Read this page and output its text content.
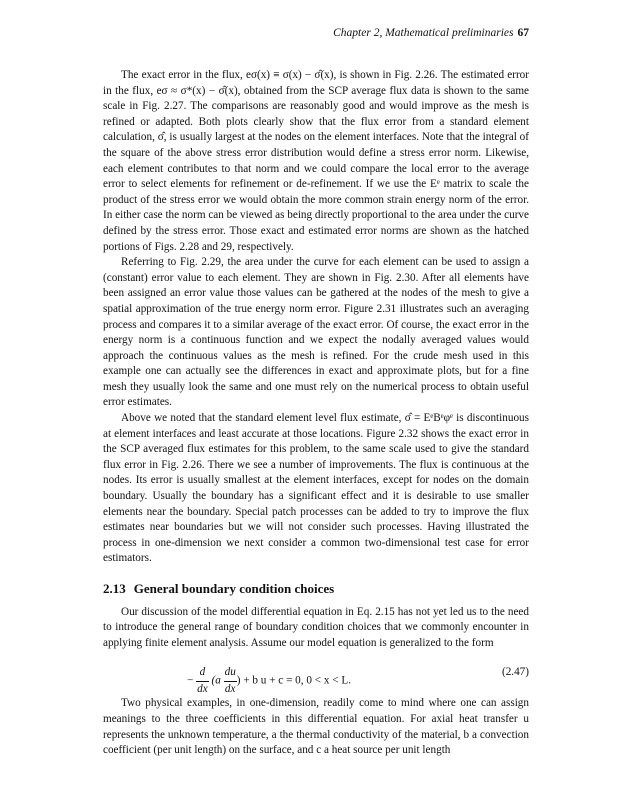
Chapter 2, Mathematical preliminaries 67

The exact error in the flux, eσ(x) ≡ σ(x) − σ̂(x), is shown in Fig. 2.26. The estimated error in the flux, eσ ≈ σ*(x) − σ̂(x), obtained from the SCP average flux data is shown to the same scale in Fig. 2.27. The comparisons are reasonably good and would improve as the mesh is refined or adapted. Both plots clearly show that the flux error from a standard element calculation, σ̂, is usually largest at the nodes on the element interfaces. Note that the integral of the square of the above stress error distribution would define a stress error norm. Likewise, each element contributes to that norm and we could compare the local error to the average error to select elements for refinement or de-refinement. If we use the Eᵉ matrix to scale the product of the stress error we would obtain the more common strain energy norm of the error. In either case the norm can be viewed as being directly proportional to the area under the curve defined by the stress error. Those exact and estimated error norms are shown as the hatched portions of Figs. 2.28 and 29, respectively.

Referring to Fig. 2.29, the area under the curve for each element can be used to assign a (constant) error value to each element. They are shown in Fig. 2.30. After all elements have been assigned an error value those values can be gathered at the nodes of the mesh to give a spatial approximation of the true energy norm error. Figure 2.31 illustrates such an averaging process and compares it to a similar average of the exact error. Of course, the exact error in the energy norm is a continuous function and we expect the nodally averaged values would approach the continuous values as the mesh is refined. For the crude mesh used in this example one can actually see the differences in exact and approximate plots, but for a fine mesh they usually look the same and one must rely on the numerical process to obtain useful error estimates.

Above we noted that the standard element level flux estimate, σ̂ = EᵉBᵉφᵉ is discontinuous at element interfaces and least accurate at those locations. Figure 2.32 shows the exact error in the SCP averaged flux estimates for this problem, to the same scale used to give the standard flux error in Fig. 2.26. There we see a number of improvements. The flux is continuous at the nodes. Its error is usually smallest at the element interfaces, except for nodes on the domain boundary. Usually the boundary has a significant effect and it is desirable to use smaller elements near the boundary. Special patch processes can be added to try to improve the flux estimates near boundaries but we will not consider such processes. Having illustrated the process in one-dimension we next consider a common two-dimensional test case for error estimators.

2.13 General boundary condition choices

Our discussion of the model differential equation in Eq. 2.15 has not yet led us to the need to introduce the general range of boundary condition choices that we commonly encounter in applying finite element analysis. Assume our model equation is generalized to the form

− $\frac{d}{dx} (a \frac{du}{dx}$ ) + b u + c = 0, 0 < x < L.
(2.47)

Two physical examples, in one-dimension, readily come to mind where one can assign meanings to the three coefficients in this differential equation. For axial heat transfer u represents the unknown temperature, a the thermal conductivity of the material, b a convection coefficient (per unit length) on the surface, and c a heat source per unit length
